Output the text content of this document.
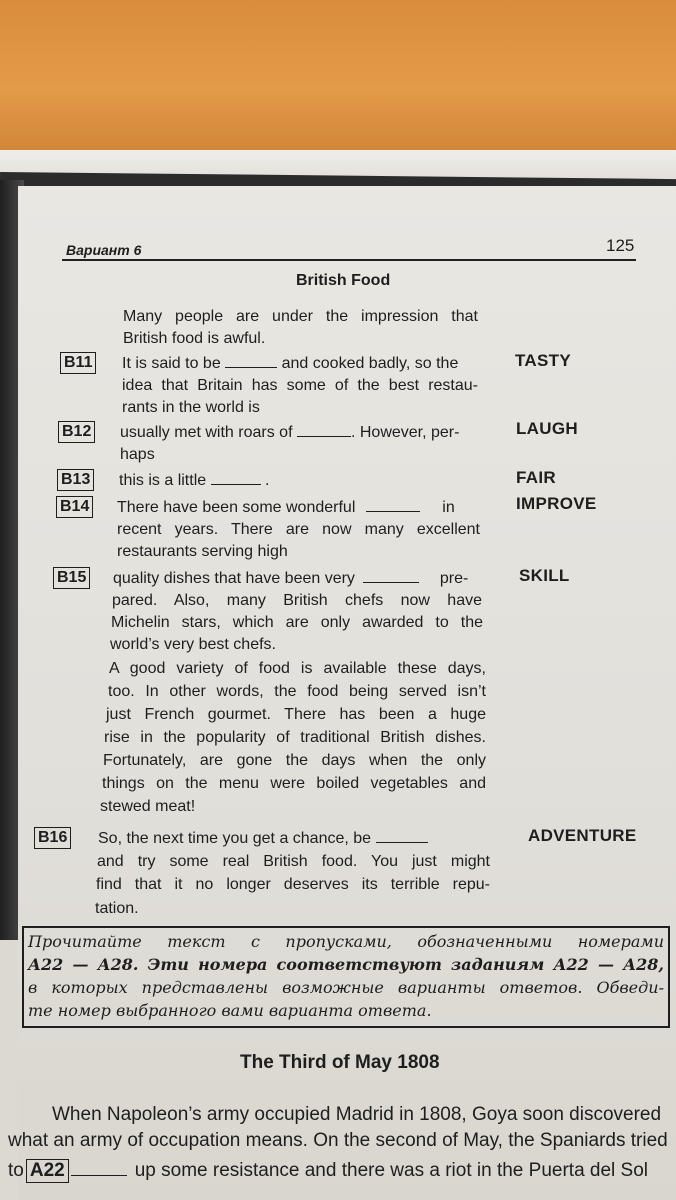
Вариант 6	125
British Food
Many people are under the impression that
British food is awful.
B11 It is said to be	and cooked badly, so the	TASTY
idea that Britain has some of the best restau-
rants in the world is
B12 usually met with roars of	. However, per-	LAUGH
haps
B13 this is a little	.	FAIR
B14 There have been some wonderful	in	IMPROVE
recent years. There are now many excellent
restaurants serving high
B15 quality dishes that have been very	pre-	SKILL
pared. Also, many British chefs now have
Michelin stars, which are only awarded to the
world’s very best chefs.
A good variety of food is available these days,
too. In other words, the food being served isn’t
just French gourmet. There has been a huge
rise in the popularity of traditional British dishes.
Fortunately, are gone the days when the only
things on the menu were boiled vegetables and
stewed meat!
B16 So, the next time you get a chance, be	ADVENTURE
and try some real British food. You just might
find that it no longer deserves its terrible repu-
tation.
Прочитайте текст с пропусками, обозначенными номерами
А22 — А28. Эти номера соответствуют заданиям А22 — А28,
в которых представлены возможные варианты ответов. Обведи-
те номер выбранного вами варианта ответа.
The Third of May 1808
When Napoleon’s army occupied Madrid in 1808, Goya soon discovered
what an army of occupation means. On the second of May, the Spaniards tried
to A22	up some resistance and there was a riot in the Puerta del Sol
